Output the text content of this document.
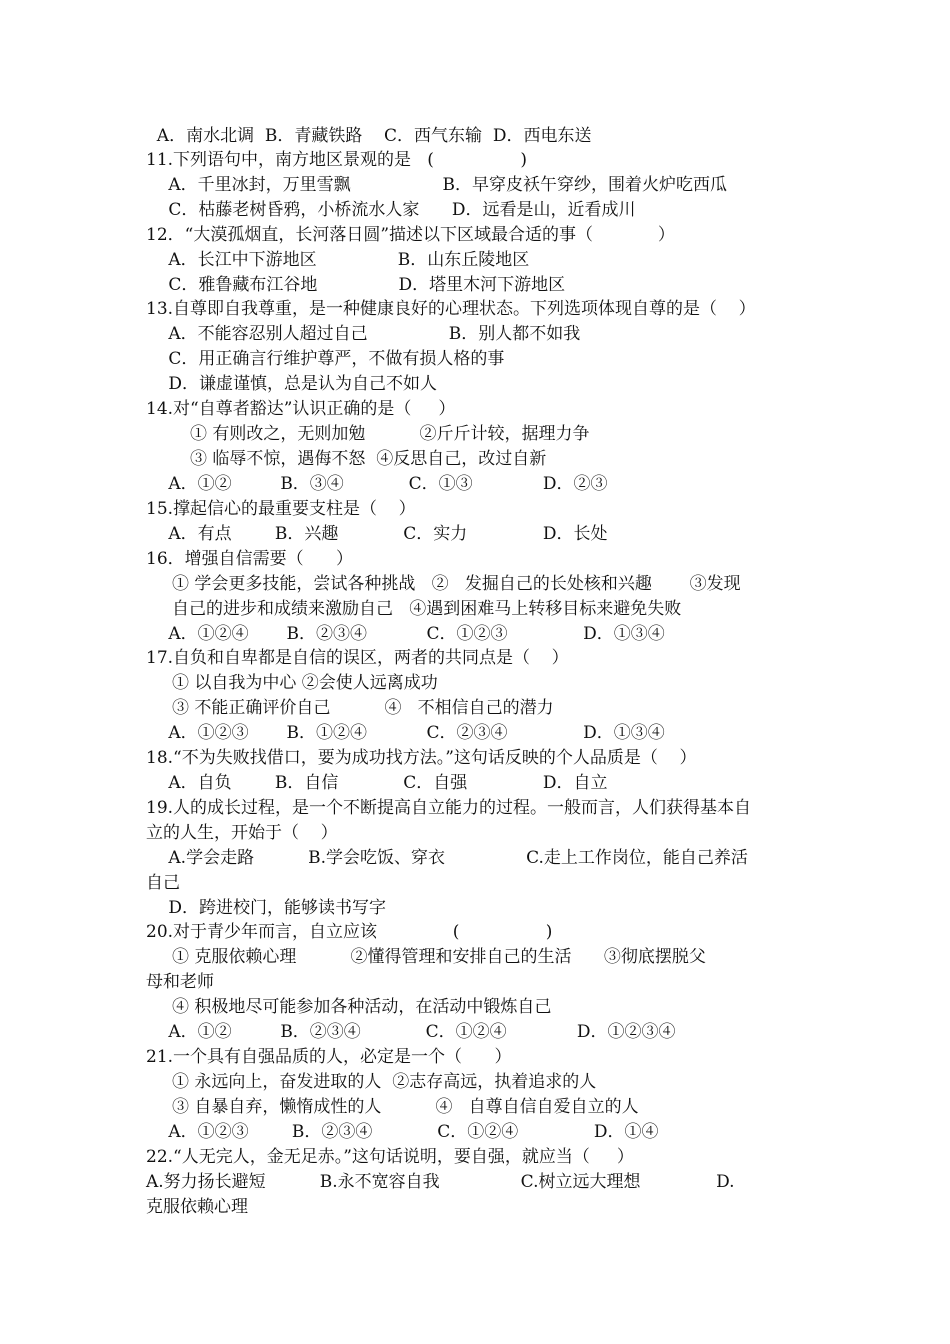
A．南水北调  B．青藏铁路    C．西气东输  D．西电东送
11.下列语句中，南方地区景观的是   (                )
A．千里冰封，万里雪飘                 B．早穿皮袄午穿纱，围着火炉吃西瓜
C．枯藤老树昏鸦，小桥流水人家      D．远看是山，近看成川
12．“大漠孤烟直，长河落日圆”描述以下区域最合适的事（            ）
A．长江中下游地区               B．山东丘陵地区
C．雅鲁藏布江谷地               D．塔里木河下游地区
13.自尊即自我尊重，是一种健康良好的心理状态。下列选项体现自尊的是（    ）
A．不能容忍别人超过自己               B．别人都不如我
C．用正确言行维护尊严，不做有损人格的事
D．谦虚谨慎，总是认为自己不如人
14.对“自尊者豁达”认识正确的是（     ）
① 有则改之，无则加勉          ②斤斤计较，据理力争
③ 临辱不惊，遇侮不怒  ④反思自己，改过自新
A．①②         B．③④            C．①③             D．②③
15.撑起信心的最重要支柱是（    ）
A．有点        B．兴趣            C．实力              D．长处
16．增强自信需要（      ）
① 学会更多技能，尝试各种挑战   ②   发掘自己的长处核和兴趣       ③发现
自己的进步和成绩来激励自己   ④遇到困难马上转移目标来避免失败
A．①②④       B．②③④           C．①②③              D．①③④
17.自负和自卑都是自信的误区，两者的共同点是（    ）
① 以自我为中心 ②会使人远离成功
③ 不能正确评价自己          ④   不相信自己的潜力
A．①②③       B．①②④           C．②③④              D．①③④
18.“不为失败找借口，要为成功找方法。”这句话反映的个人品质是（    ）
A．自负        B．自信            C．自强              D．自立
19.人的成长过程，是一个不断提高自立能力的过程。一般而言，人们获得基本自
立的人生，开始于（    ）
A.学会走路          B.学会吃饭、穿衣               C.走上工作岗位，能自己养活
自己
D．跨进校门，能够读书写字
20.对于青少年而言，自立应该              (                )
① 克服依赖心理          ②懂得管理和安排自己的生活      ③彻底摆脱父
母和老师
④ 积极地尽可能参加各种活动，在活动中锻炼自己
A．①②         B．②③④            C．①②④             D．①②③④
21.一个具有自强品质的人，必定是一个（      ）
① 永远向上，奋发进取的人  ②志存高远，执着追求的人
③ 自暴自弃，懒惰成性的人          ④   自尊自信自爱自立的人
A．①②③        B．②③④            C．①②④              D．①④
22.“人无完人，金无足赤。”这句话说明，要自强，就应当（     ）
A.努力扬长避短          B.永不宽容自我               C.树立远大理想              D.
克服依赖心理
